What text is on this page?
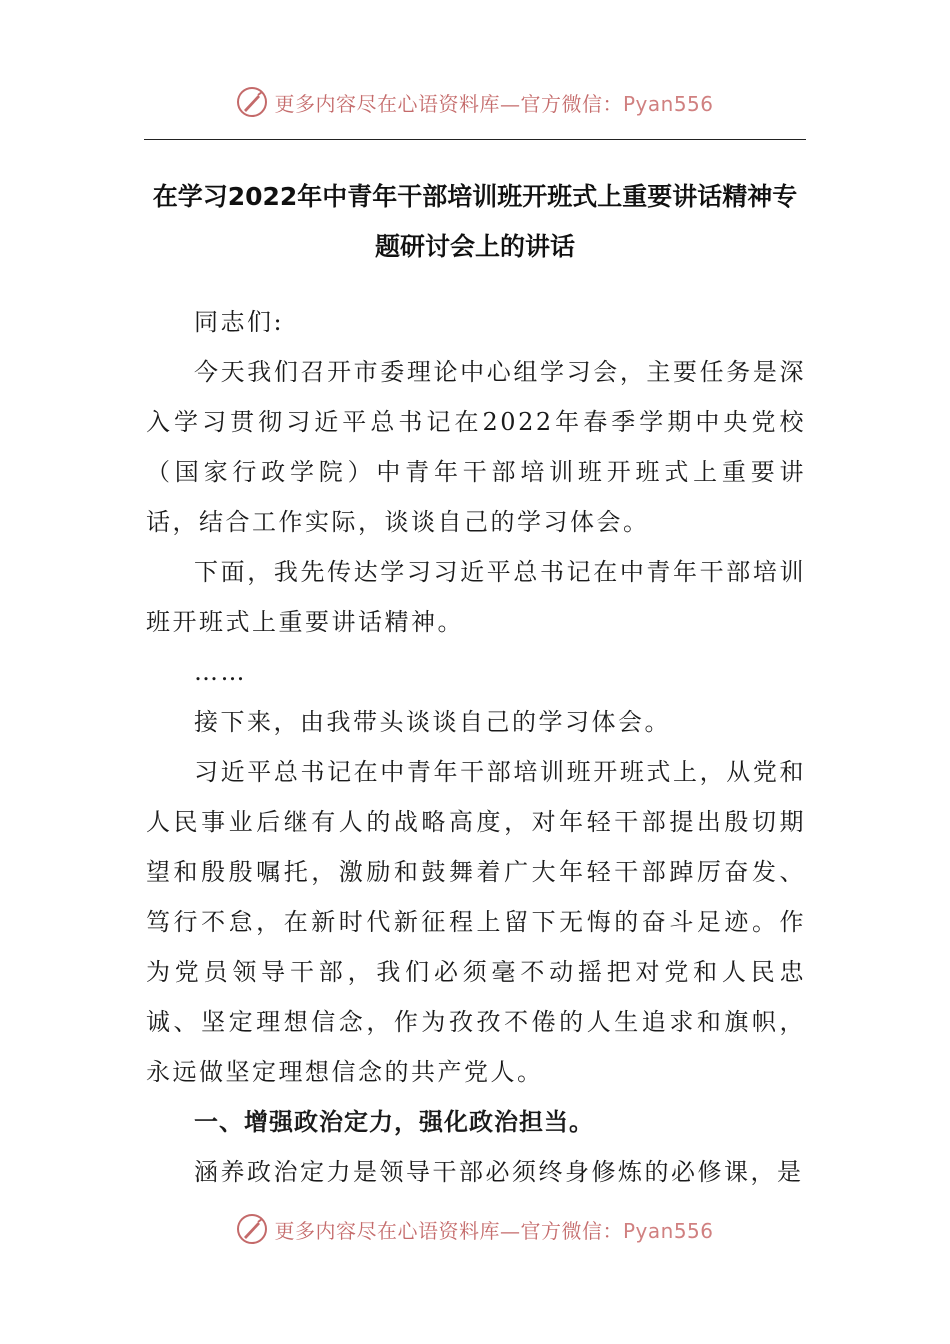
更多内容尽在心语资料库—官方微信：Pyan556
在学习2022年中青年干部培训班开班式上重要讲话精神专题研讨会上的讲话

同志们:

今天我们召开市委理论中心组学习会，主要任务是深入学习贯彻习近平总书记在2022年春季学期中央党校（国家行政学院）中青年干部培训班开班式上重要讲话，结合工作实际，谈谈自己的学习体会。

下面，我先传达学习习近平总书记在中青年干部培训班开班式上重要讲话精神。

……

接下来，由我带头谈谈自己的学习体会。

习近平总书记在中青年干部培训班开班式上，从党和人民事业后继有人的战略高度，对年轻干部提出殷切期望和殷殷嘱托，激励和鼓舞着广大年轻干部踔厉奋发、笃行不怠，在新时代新征程上留下无悔的奋斗足迹。作为党员领导干部，我们必须毫不动摇把对党和人民忠诚、坚定理想信念，作为孜孜不倦的人生追求和旗帜，永远做坚定理想信念的共产党人。

一、增强政治定力，强化政治担当。

涵养政治定力是领导干部必须终身修炼的必修课，是

更多内容尽在心语资料库—官方微信：Pyan556
